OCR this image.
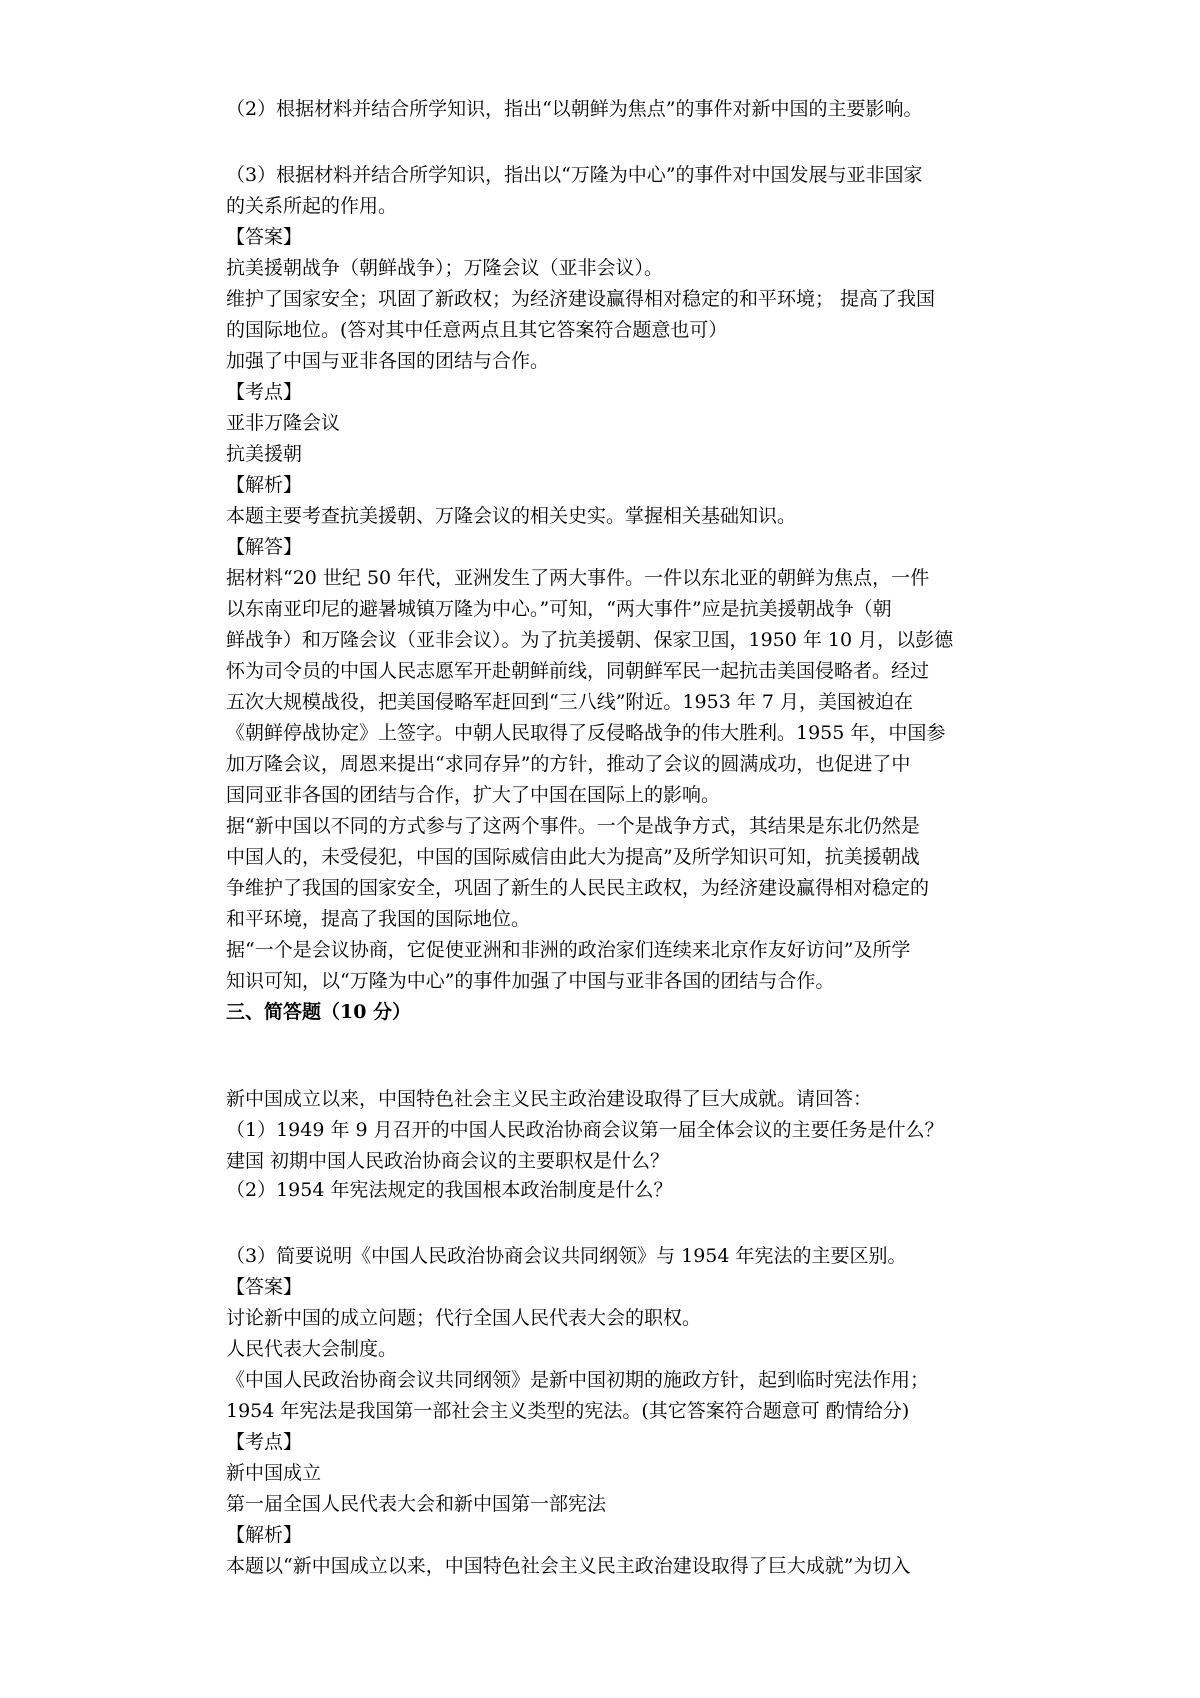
（2）根据材料并结合所学知识，指出“以朝鲜为焦点”的事件对新中国的主要影响。
（3）根据材料并结合所学知识，指出以“万隆为中心”的事件对中国发展与亚非国家
的关系所起的作用。
【答案】
抗美援朝战争（朝鲜战争）；万隆会议（亚非会议）。
维护了国家安全；巩固了新政权；为经济建设赢得相对稳定的和平环境； 提高了我国
的国际地位。(答对其中任意两点且其它答案符合题意也可）
加强了中国与亚非各国的团结与合作。
【考点】
亚非万隆会议
抗美援朝
【解析】
本题主要考查抗美援朝、万隆会议的相关史实。掌握相关基础知识。
【解答】
据材料“20 世纪 50 年代，亚洲发生了两大事件。一件以东北亚的朝鲜为焦点，一件
以东南亚印尼的避暑城镇万隆为中心。”可知，“两大事件”应是抗美援朝战争（朝
鲜战争）和万隆会议（亚非会议）。为了抗美援朝、保家卫国，1950 年 10 月，以彭德
怀为司令员的中国人民志愿军开赴朝鲜前线，同朝鲜军民一起抗击美国侵略者。经过
五次大规模战役，把美国侵略军赶回到“三八线”附近。1953 年 7 月，美国被迫在
《朝鲜停战协定》上签字。中朝人民取得了反侵略战争的伟大胜利。1955 年，中国参
加万隆会议，周恩来提出“求同存异”的方针，推动了会议的圆满成功，也促进了中
国同亚非各国的团结与合作，扩大了中国在国际上的影响。
据“新中国以不同的方式参与了这两个事件。一个是战争方式，其结果是东北仍然是
中国人的，未受侵犯，中国的国际威信由此大为提高”及所学知识可知，抗美援朝战
争维护了我国的国家安全，巩固了新生的人民民主政权，为经济建设赢得相对稳定的
和平环境，提高了我国的国际地位。
据“一个是会议协商，它促使亚洲和非洲的政治家们连续来北京作友好访问”及所学
知识可知，以“万隆为中心”的事件加强了中国与亚非各国的团结与合作。
三、简答题（10 分）
新中国成立以来，中国特色社会主义民主政治建设取得了巨大成就。请回答：
（1）1949 年 9 月召开的中国人民政治协商会议第一届全体会议的主要任务是什么？
建国 初期中国人民政治协商会议的主要职权是什么？
（2）1954 年宪法规定的我国根本政治制度是什么？
（3）简要说明《中国人民政治协商会议共同纲领》与 1954 年宪法的主要区别。
【答案】
讨论新中国的成立问题；代行全国人民代表大会的职权。
人民代表大会制度。
《中国人民政治协商会议共同纲领》是新中国初期的施政方针，起到临时宪法作用；
1954 年宪法是我国第一部社会主义类型的宪法。(其它答案符合题意可 酌情给分)
【考点】
新中国成立
第一届全国人民代表大会和新中国第一部宪法
【解析】
本题以“新中国成立以来，中国特色社会主义民主政治建设取得了巨大成就”为切入
